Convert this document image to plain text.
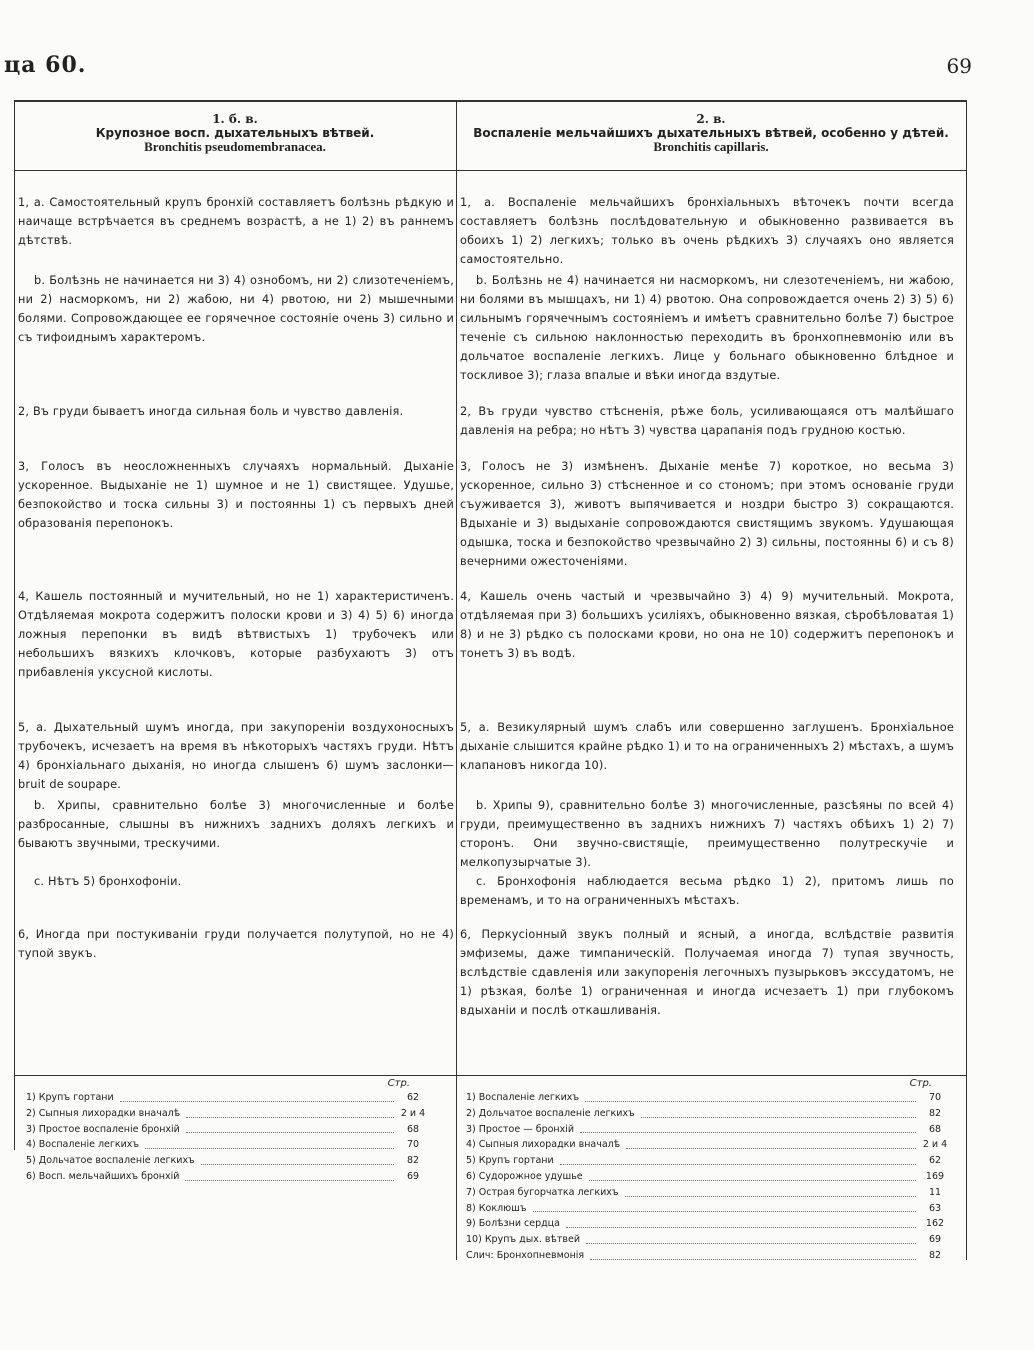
ца 60.	69
1. б. в.
Крупозное восп. дыхательныхъ вѣтвей.
Bronchitis pseudomembranacea.
2. в.
Воспаленіе мельчайшихъ дыхательныхъ вѣтвей, особенно у дѣтей.
Bronchitis capillaris.
1, а. Самостоятельный крупъ бронхій составляетъ болѣзнь рѣдкую и наичаще встрѣчается въ среднемъ возрастѣ, а не 1) 2) въ раннемъ дѣтствѣ.
b. Болѣзнь не начинается ни 3) 4) ознобомъ, ни 2) слизотеченіемъ, ни 2) насморкомъ, ни 2) жабою, ни 4) рвотою, ни 2) мышечными болями. Сопровождающее ее горячечное состояніе очень 3) сильно и съ тифоиднымъ характеромъ.
2, Въ груди бываетъ иногда сильная боль и чувство давленія.
3, Голосъ въ неосложненныхъ случаяхъ нормальный. Дыханіе ускоренное. Выдыханіе не 1) шумное и не 1) свистящее. Удушье, безпокойство и тоска сильны 3) и постоянны 1) съ первыхъ дней образованія перепонокъ.
4, Кашель постоянный и мучительный, но не 1) характеристиченъ. Отдѣляемая мокрота содержитъ полоски крови и 3) 4) 5) 6) иногда ложныя перепонки въ видѣ вѣтвистыхъ 1) трубочекъ или небольшихъ вязкихъ клочковъ, которые разбухаютъ 3) отъ прибавленія уксусной кислоты.
5, а. Дыхательный шумъ иногда, при закупореніи воздухоносныхъ трубочекъ, исчезаетъ на время въ нѣкоторыхъ частяхъ груди. Нѣтъ 4) бронхіальнаго дыханія, но иногда слышенъ 6) шумъ заслонки—bruit de soupape.
b. Хрипы, сравнительно болѣе 3) многочисленные и болѣе разбросанные, слышны въ нижнихъ заднихъ доляхъ легкихъ и бываютъ звучными, трескучими.
c. Нѣтъ 5) бронхофоніи.
6, Иногда при постукиваніи груди получается полутупой, но не 4) тупой звукъ.
1, а. Воспаленіе мельчайшихъ бронхіальныхъ вѣточекъ почти всегда составляетъ болѣзнь послѣдовательную и обыкновенно развивается въ обоихъ 1) 2) легкихъ; только въ очень рѣдкихъ 3) случаяхъ оно является самостоятельно.
b. Болѣзнь не 4) начинается ни насморкомъ, ни слезотеченіемъ, ни жабою, ни болями въ мышцахъ, ни 1) 4) рвотою. Она сопровождается очень 2) 3) 5) 6) сильнымъ горячечнымъ состояніемъ и имѣетъ сравнительно болѣе 7) быстрое теченіе съ сильною наклонностью переходить въ бронхопневмонію или въ дольчатое воспаленіе легкихъ. Лице у больнаго обыкновенно блѣдное и тоскливое 3); глаза впалые и вѣки иногда вздутые.
2, Въ груди чувство стѣсненія, рѣже боль, усиливающаяся отъ малѣйшаго давленія на ребра; но нѣтъ 3) чувства царапанія подъ грудною костью.
3, Голосъ не 3) измѣненъ. Дыханіе менѣе 7) короткое, но весьма 3) ускоренное, сильно 3) стѣсненное и со стономъ; при этомъ основаніе груди съуживается 3), животъ выпячивается и ноздри быстро 3) сокращаются. Вдыханіе и 3) выдыханіе сопровождаются свистящимъ звукомъ. Удушающая одышка, тоска и безпокойство чрезвычайно 2) 3) сильны, постоянны 6) и съ 8) вечерними ожесточеніями.
4, Кашель очень частый и чрезвычайно 3) 4) 9) мучительный. Мокрота, отдѣляемая при 3) большихъ усиліяхъ, обыкновенно вязкая, сѣробѣловатая 1) 8) и не 3) рѣдко съ полосками крови, но она не 10) содержитъ перепонокъ и тонетъ 3) въ водѣ.
5, а. Везикулярный шумъ слабъ или совершенно заглушенъ. Бронхіальное дыханіе слышится крайне рѣдко 1) и то на ограниченныхъ 2) мѣстахъ, а шумъ клапановъ никогда 10).
b. Хрипы 9), сравнительно болѣе 3) многочисленные, разсѣяны по всей 4) груди, преимущественно въ заднихъ нижнихъ 7) частяхъ обѣихъ 1) 2) 7) сторонъ. Они звучно-свистящіе, преимущественно полутрескучіе и мелкопузырчатые 3).
c. Бронхофонія наблюдается весьма рѣдко 1) 2), притомъ лишь по временамъ, и то на ограниченныхъ мѣстахъ.
6, Перкусіонный звукъ полный и ясный, а иногда, вслѣдствіе развитія эмфиземы, даже тимпаническій. Получаемая иногда 7) тупая звучность, вслѣдствіе сдавленія или закупоренія легочныхъ пузырьковъ экссудатомъ, не 1) рѣзкая, болѣе 1) ограниченная и иногда исчезаетъ 1) при глубокомъ вдыханіи и послѣ откашливанія.
Стр.
1) Крупъ гортани	62
2) Сыпныя лихорадки вначалѣ	2 и 4
3) Простое воспаленіе бронхій	68
4) Воспаленіе легкихъ	70
5) Дольчатое воспаленіе легкихъ	82
6) Восп. мельчайшихъ бронхій	69
Стр.
1) Воспаленіе легкихъ	70
2) Дольчатое воспаленіе легкихъ	82
3) Простое — бронхій	68
4) Сыпныя лихорадки вначалѣ	2 и 4
5) Крупъ гортани	62
6) Судорожное удушье	169
7) Острая бугорчатка легкихъ	11
8) Коклюшъ	63
9) Болѣзни сердца	162
10) Крупъ дых. вѣтвей	69
Слич: Бронхопневмонія	82
